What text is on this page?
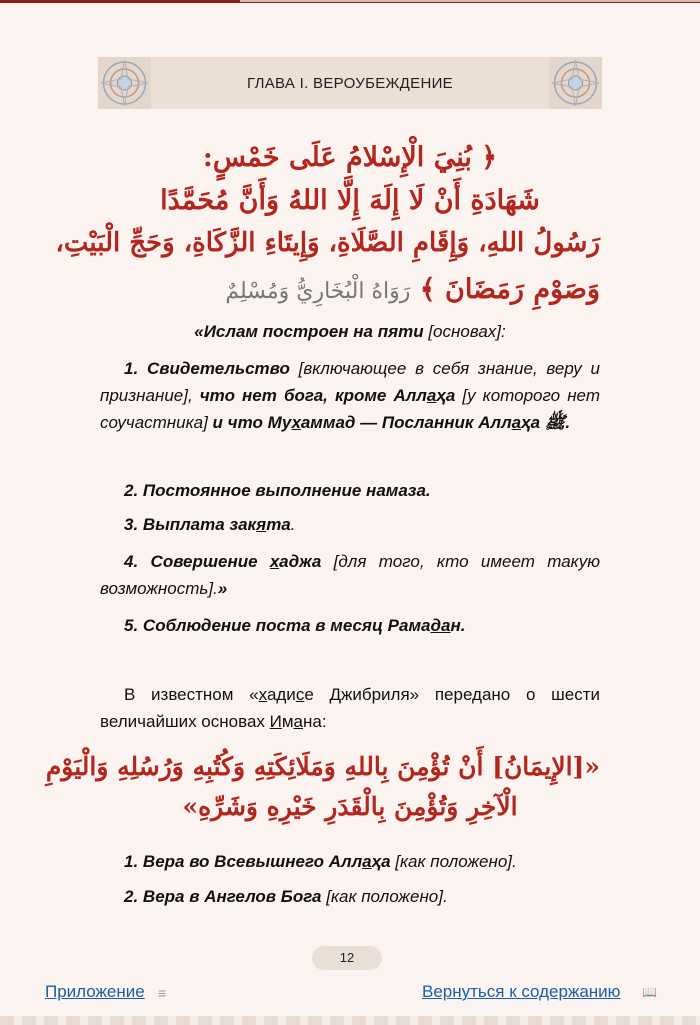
ГЛАВА I. ВЕРОУБЕЖДЕНИЕ
﴿ بُنِيَ الْإِسْلامُ عَلَى خَمْسٍ:
شَهَادَةِ أَنْ لَا إِلَهَ إِلَّا اللهُ وَأَنَّ مُحَمَّدًا
رَسُولُ اللهِ، وَإِقَامِ الصَّلَاةِ، وَإِيتَاءِ الزَّكَاةِ، وَحَجِّ الْبَيْتِ،
وَصَوْمِ رَمَضَانَ ﴾ رَوَاهُ الْبُخَارِيُّ وَمُسْلِمٌ
«Ислам построен на пяти [основах]:
1. Свидетельство [включающее в себя знание, веру и признание], что нет бога, кроме Аллаҳа [у которого нет соучастника] и что Мухаммад — Посланник Аллаҳа ﷺ.
2. Постоянное выполнение намаза.
3. Выплата закята.
4. Совершение хаджа [для того, кто имеет такую возможность].»
5. Соблюдение поста в месяц Рамадан.
В известном «хадисе Джибриля» передано о шести величайших основах Имана:
«[الإِيمَانُ] أَنْ تُؤْمِنَ بِاللهِ وَمَلَائِكَتِهِ وَكُتُبِهِ وَرُسُلِهِ وَالْيَوْمِ
الْآخِرِ وَتُؤْمِنَ بِالْقَدَرِ خَيْرِهِ وَشَرِّهِ»
1. Вера во Всевышнего Аллаҳа [как положено].
2. Вера в Ангелов Бога [как положено].
12
Приложение ≡	Вернуться к содержанию 📖
